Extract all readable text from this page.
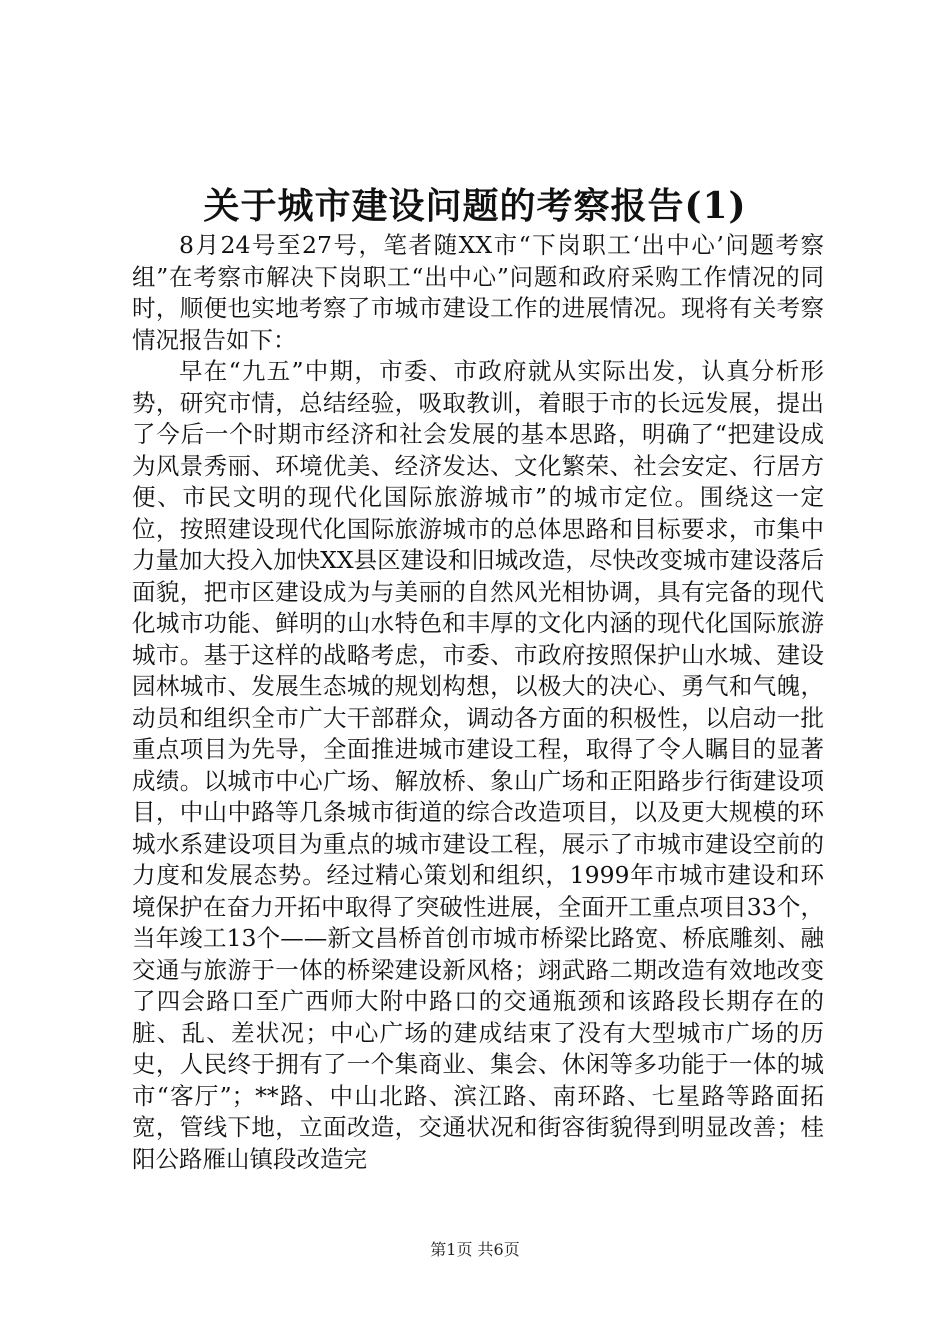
关于城市建设问题的考察报告(1)

8月24号至27号，笔者随XX市“下岗职工‘出中心’问题考察组”在考察市解决下岗职工“出中心”问题和政府采购工作情况的同时，顺便也实地考察了市城市建设工作的进展情况。现将有关考察情况报告如下：

早在“九五”中期，市委、市政府就从实际出发，认真分析形势，研究市情，总结经验，吸取教训，着眼于市的长远发展，提出了今后一个时期市经济和社会发展的基本思路，明确了“把建设成为风景秀丽、环境优美、经济发达、文化繁荣、社会安定、行居方便、市民文明的现代化国际旅游城市”的城市定位。围绕这一定位，按照建设现代化国际旅游城市的总体思路和目标要求，市集中力量加大投入加快XX县区建设和旧城改造，尽快改变城市建设落后面貌，把市区建设成为与美丽的自然风光相协调，具有完备的现代化城市功能、鲜明的山水特色和丰厚的文化内涵的现代化国际旅游城市。基于这样的战略考虑，市委、市政府按照保护山水城、建设园林城市、发展生态城的规划构想，以极大的决心、勇气和气魄，动员和组织全市广大干部群众，调动各方面的积极性，以启动一批重点项目为先导，全面推进城市建设工程，取得了令人瞩目的显著成绩。以城市中心广场、解放桥、象山广场和正阳路步行街建设项目，中山中路等几条城市街道的综合改造项目，以及更大规模的环城水系建设项目为重点的城市建设工程，展示了市城市建设空前的力度和发展态势。经过精心策划和组织，1999年市城市建设和环境保护在奋力开拓中取得了突破性进展，全面开工重点项目33个，当年竣工13个——新文昌桥首创市城市桥梁比路宽、桥底雕刻、融交通与旅游于一体的桥梁建设新风格；翊武路二期改造有效地改变了四会路口至广西师大附中路口的交通瓶颈和该路段长期存在的脏、乱、差状况；中心广场的建成结束了没有大型城市广场的历史，人民终于拥有了一个集商业、集会、休闲等多功能于一体的城市“客厅”；**路、中山北路、滨江路、南环路、七星路等路面拓宽，管线下地，立面改造，交通状况和街容街貌得到明显改善；桂阳公路雁山镇段改造完

第1页 共6页
